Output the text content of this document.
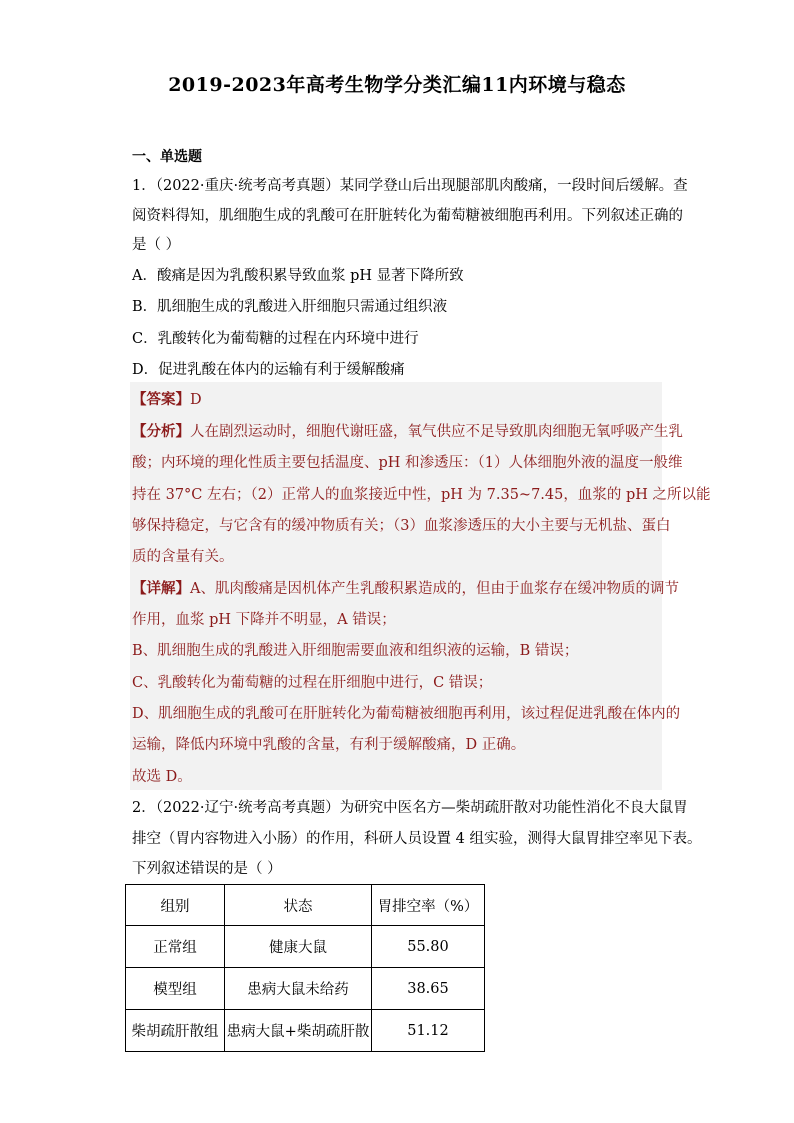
2019-2023年高考生物学分类汇编11内环境与稳态
一、单选题
1．（2022·重庆·统考高考真题）某同学登山后出现腿部肌肉酸痛，一段时间后缓解。查
阅资料得知，肌细胞生成的乳酸可在肝脏转化为葡萄糖被细胞再利用。下列叙述正确的
是（ ）
A．酸痛是因为乳酸积累导致血浆 pH 显著下降所致
B．肌细胞生成的乳酸进入肝细胞只需通过组织液
C．乳酸转化为葡萄糖的过程在内环境中进行
D．促进乳酸在体内的运输有利于缓解酸痛
【答案】D
【分析】人在剧烈运动时，细胞代谢旺盛，氧气供应不足导致肌肉细胞无氧呼吸产生乳
酸；内环境的理化性质主要包括温度、pH 和渗透压：（1）人体细胞外液的温度一般维
持在 37°C 左右；（2）正常人的血浆接近中性，pH 为 7.35~7.45，血浆的 pH 之所以能
够保持稳定，与它含有的缓冲物质有关；（3）血浆渗透压的大小主要与无机盐、蛋白
质的含量有关。
【详解】A、肌肉酸痛是因机体产生乳酸积累造成的，但由于血浆存在缓冲物质的调节
作用，血浆 pH 下降并不明显，A 错误；
B、肌细胞生成的乳酸进入肝细胞需要血液和组织液的运输，B 错误；
C、乳酸转化为葡萄糖的过程在肝细胞中进行，C 错误；
D、肌细胞生成的乳酸可在肝脏转化为葡萄糖被细胞再利用，该过程促进乳酸在体内的
运输，降低内环境中乳酸的含量，有利于缓解酸痛，D 正确。
故选 D。
2．（2022·辽宁·统考高考真题）为研究中医名方—柴胡疏肝散对功能性消化不良大鼠胃
排空（胃内容物进入小肠）的作用，科研人员设置 4 组实验，测得大鼠胃排空率见下表。
下列叙述错误的是（ ）
组别	状态	胃排空率（%）
正常组	健康大鼠	55.80
模型组	患病大鼠未给药	38.65
柴胡疏肝散组	患病大鼠+柴胡疏肝散	51.12
